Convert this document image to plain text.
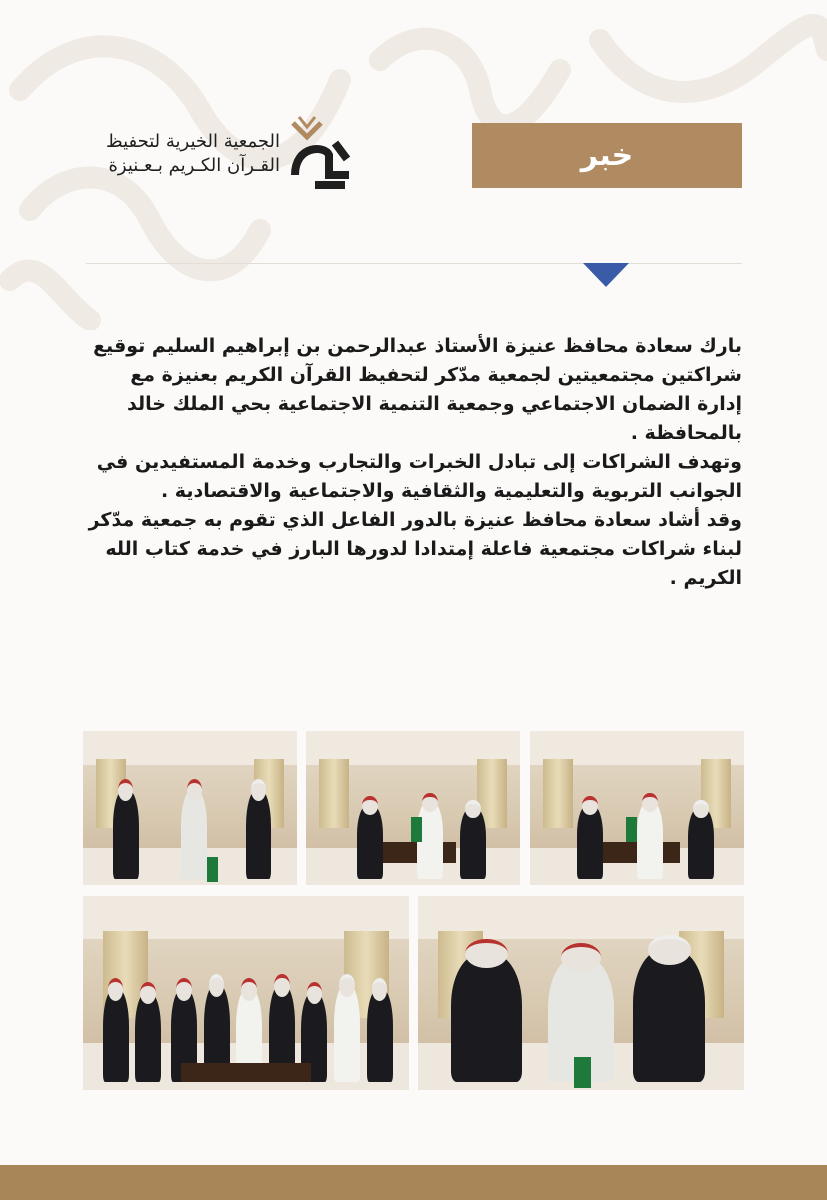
الجمعية الخيرية لتحفيظ
القـرآن الكـريم بـعـنيزة	خبر

بارك سعادة محافظ عنيزة الأستاذ عبدالرحمن بن إبراهيم السليم توقيع شراكتين مجتمعيتين لجمعية مدّكر لتحفيظ القرآن الكريم بعنيزة مع إدارة الضمان الاجتماعي وجمعية التنمية الاجتماعية بحي الملك خالد بالمحافظة .

وتهدف الشراكات إلى تبادل الخبرات والتجارب وخدمة المستفيدين في الجوانب التربوية والتعليمية والثقافية والاجتماعية والاقتصادية .

وقد أشاد سعادة محافظ عنيزة بالدور الفاعل الذي تقوم به جمعية مدّكر لبناء شراكات مجتمعية فاعلة إمتدادا لدورها البارز في خدمة كتاب الله الكريم .
